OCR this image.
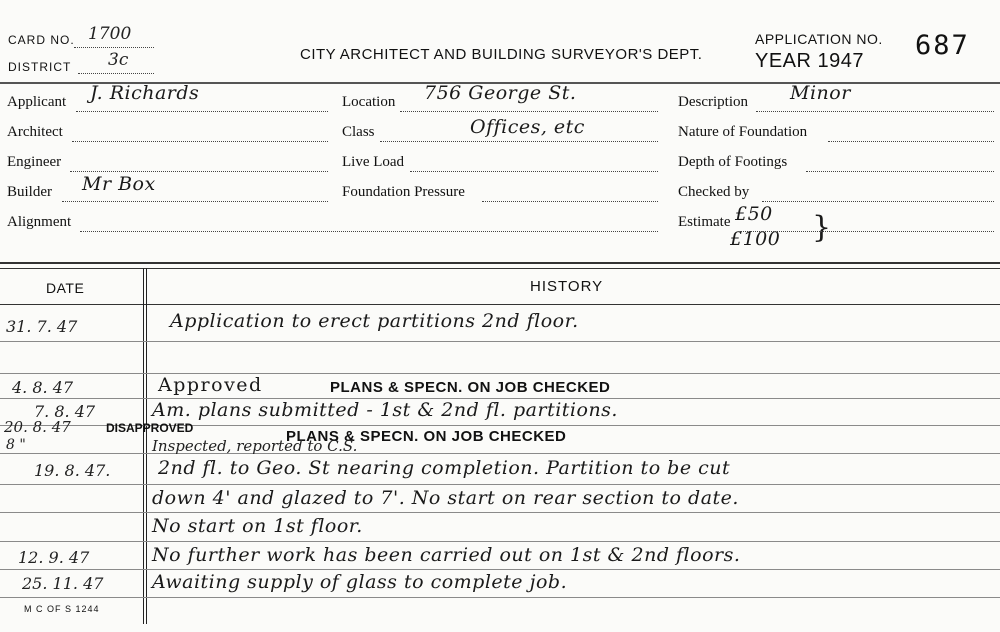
CARD NO. 1700
DISTRICT 3c	CITY ARCHITECT AND BUILDING SURVEYOR'S DEPT.
APPLICATION NO.
YEAR 1947 687
Applicant J. Richards
Architect
Engineer
Builder Mr Box
Alignment
Location 756 George St.
Class	Offices, etc
Live Load
Foundation Pressure
Description Minor
Nature of Foundation
Depth of Footings
Checked by
Estimate £50
£100 }
DATE	HISTORY
31. 7. 47	Application to erect partitions 2nd floor.
4. 8. 47	Approved	PLANS & SPECN. ON JOB CHECKED
7. 8. 47	Am. plans submitted - 1st & 2nd fl. partitions.
20. 8. 47	DISAPPROVED	PLANS & SPECN. ON JOB CHECKED
8 "	Inspected, reported to C.S.
19. 8. 47.	2nd fl. to Geo. St nearing completion. Partition to be cut
down 4' and glazed to 7'. No start on rear section to date.
No start on 1st floor.
12. 9. 47	No further work has been carried out on 1st & 2nd floors.
25. 11. 47	Awaiting supply of glass to complete job.
M C OF S 1244
